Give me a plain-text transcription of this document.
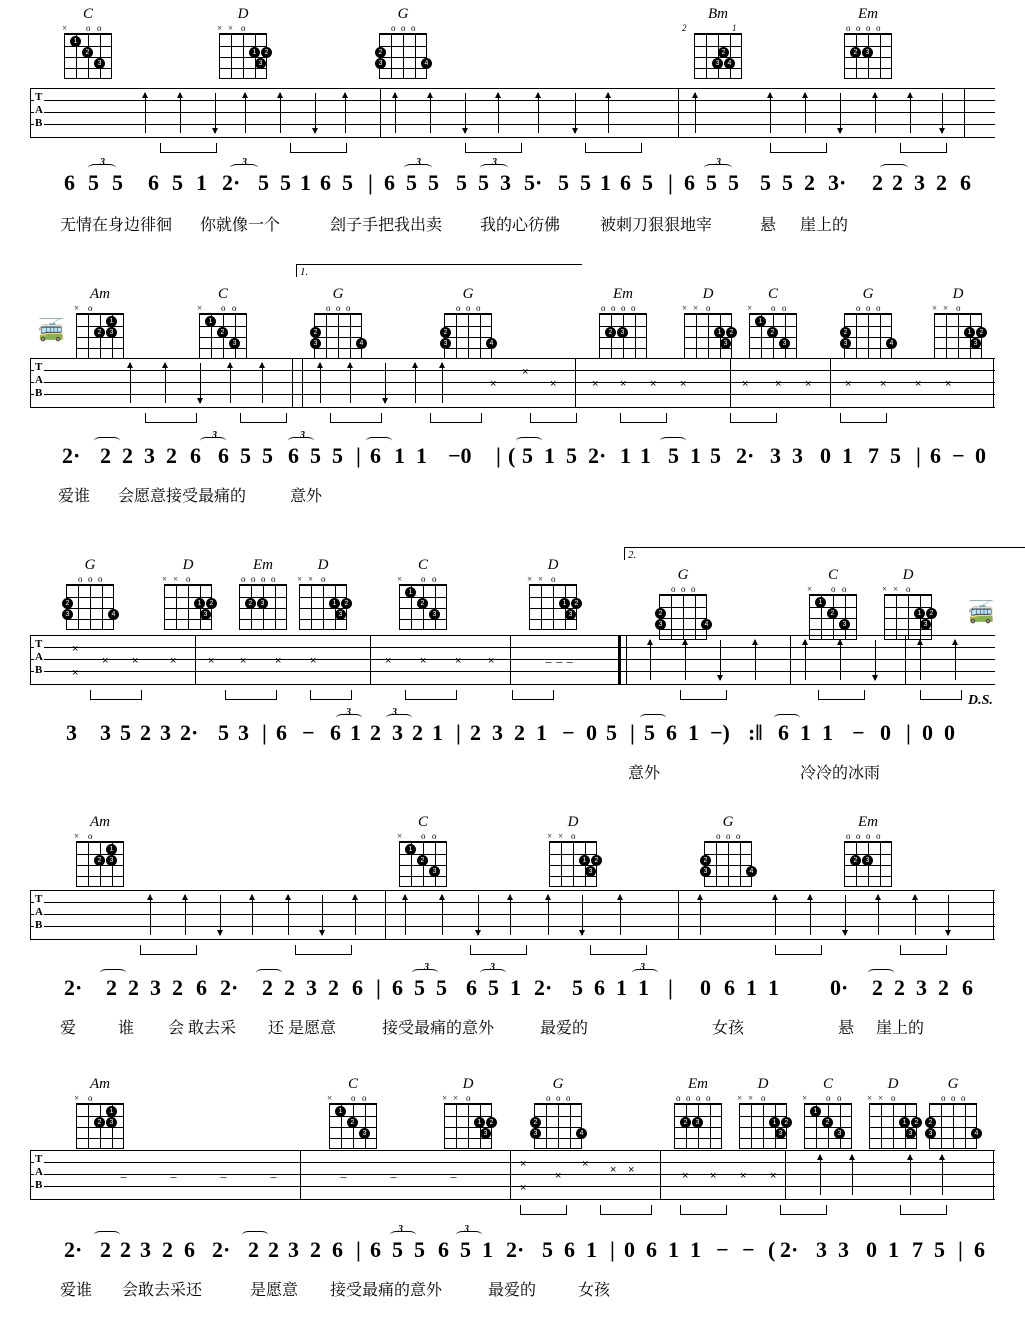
C
× o o
1
2
3
D
× × o
1	2
3
G
o o o
2
3	4
Bm
2	1
3	4
2
Em
o o o o
2	3
T
A
B
6 5 5 6 5 1 2· 5 5 1 6 5 | 6 5 5 5 5 3 5· 5 5 1 6 5 | 6 5 5 5 5 2 3· 2 2 3 2 6
3	3	3	3	3
无情在身边徘徊 你就像一个	刽子手把我出卖 我的心彷佛 被刺刀狠狠地宰	悬 崖上的
1.
🚎
Am
× o
1
2	3
C
× o o
1
2
3
G
o o o
2
3	4
G
o o o
2
3	4
Em
o o o o
2	3
D
× × o
1	2
3
C
× o o
1
2
3
G
o o o
2
3	4
D
× × o
1	2
3
T
A
B
×
×
×	× × × ×	× × ×	×	×	× ×
2· 2 2 3 2 6 6 5 5 6 5 5 | 6 1 1 −0 | ( 5 1 5 2· 1 1 5 1 5 2· 3 3 0 1 7 5 | 6 −
3	3
0
爱谁 会愿意接受最痛的	意外
2.
🚎
D.S.
G
o o o
2
3	4
D
× × o
1	2
3
Em
o o o o
2	3
D
× × o
1	2
3
C
× o o
1
2
3
D
× × o
1	2
3
G
o o o
2
3	4
C
× o o
1
2
3
D
× × o
1	2
3
T
A
B
×
×
× ×	×	× ×	×	×	×	×	× ×	− − −
3 3 5 2 3 2· 5 3 | 6 − 6 1 2 3 2 1 | 2 3 2 1 − 0 5 | 5 6 1 −) :‖ 6 1 1 − 0 |
3	3
0 0
意外	冷冷的冰雨
Am
× o
1
2	3
C
× o o
1
2
3
D
× × o
1	2
3
G
o o o
2
3	4
Em
o o o o
2	3
T
A
B
2· 2 2 3 2 6 2· 2 2 3 2 6 | 6 5 5 6 5 1 2· 5 6 1 1 | 0 6 1 1 0· 2 2 3 2 6
3	3	3
爱	谁 会 敢去采 还 是愿意	接受最痛的意外	最爱的	女孩	悬 崖上的
Am
× o
1
2	3
C
× o o
1
2
3
D
× × o
1	2
3
G
o o o
2
3	4
Em
o o o o
2	3
D
× × o
1	2
3
C
× o o
1
2
3
D
× × o
1	2
3
G
o o o
2
3	4
T
A
B	−	−	−	−	−	−	−
×
×
×
× × ×	× × × ×
2· 2 2 3 2 6 2· 2 2 3 2 6 | 6 5 5 6 5 1 2· 5 6 1 | 0 6 1 1 − − ( 2· 3 3 0 1 7 5 |
3	3
6
爱谁 会敢去采还	是愿意 接受最痛的意外	最爱的	女孩
